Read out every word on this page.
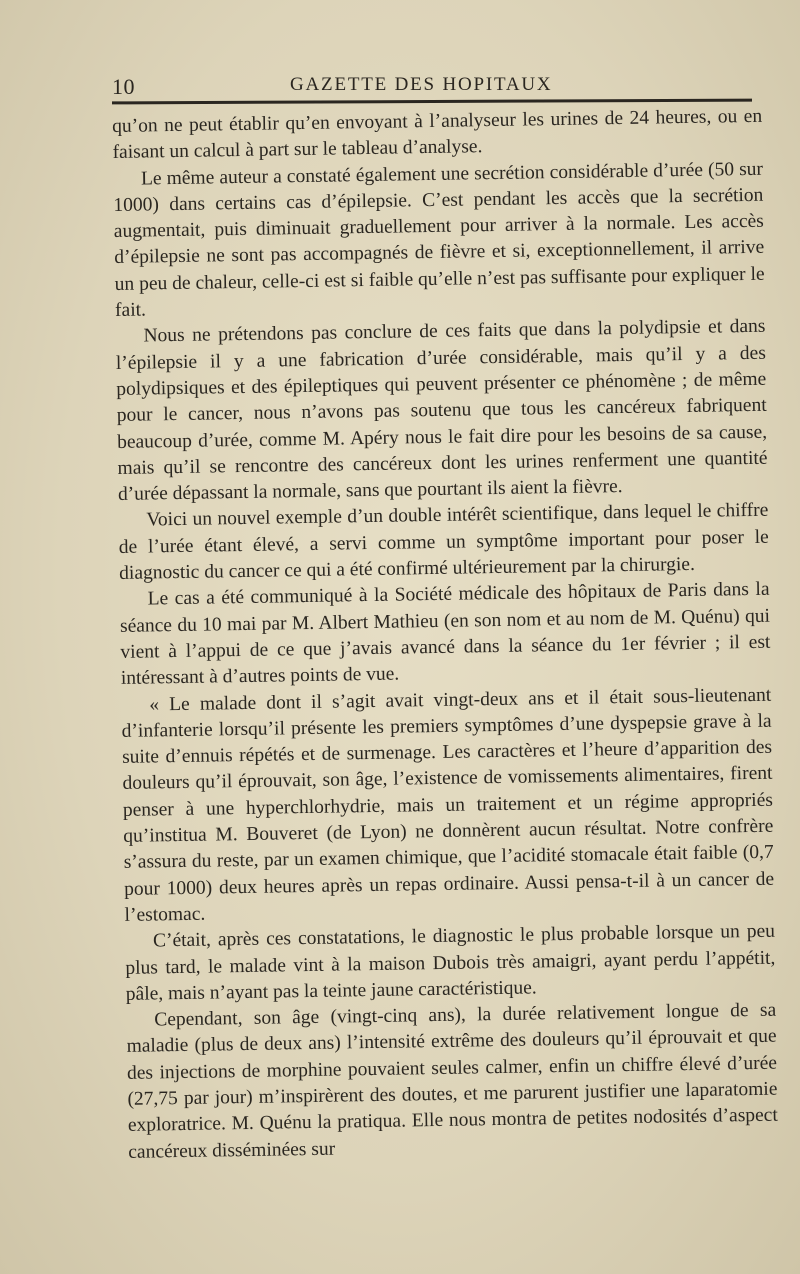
10	GAZETTE DES HOPITAUX

qu’on ne peut établir qu’en envoyant à l’analyseur les urines de 24 heures, ou en faisant un calcul à part sur le tableau d’analyse.

Le même auteur a constaté également une secrétion considérable d’urée (50 sur 1000) dans certains cas d’épilepsie. C’est pendant les accès que la secrétion augmentait, puis diminuait graduellement pour arriver à la normale. Les accès d’épilepsie ne sont pas accompagnés de fièvre et si, exceptionnellement, il arrive un peu de chaleur, celle-ci est si faible qu’elle n’est pas suffisante pour expliquer le fait.

Nous ne prétendons pas conclure de ces faits que dans la polydipsie et dans l’épilepsie il y a une fabrication d’urée considérable, mais qu’il y a des polydipsiques et des épileptiques qui peuvent présenter ce phénomène ; de même pour le cancer, nous n’avons pas soutenu que tous les cancéreux fabriquent beaucoup d’urée, comme M. Apéry nous le fait dire pour les besoins de sa cause, mais qu’il se rencontre des cancéreux dont les urines renferment une quantité d’urée dépassant la normale, sans que pourtant ils aient la fièvre.

Voici un nouvel exemple d’un double intérêt scientifique, dans lequel le chiffre de l’urée étant élevé, a servi comme un symptôme important pour poser le diagnostic du cancer ce qui a été confirmé ultérieurement par la chirurgie.

Le cas a été communiqué à la Société médicale des hôpitaux de Paris dans la séance du 10 mai par M. Albert Mathieu (en son nom et au nom de M. Quénu) qui vient à l’appui de ce que j’avais avancé dans la séance du 1er février ; il est intéressant à d’autres points de vue.

« Le malade dont il s’agit avait vingt-deux ans et il était sous-lieutenant d’infanterie lorsqu’il présente les premiers symptômes d’une dyspepsie grave à la suite d’ennuis répétés et de surmenage. Les caractères et l’heure d’apparition des douleurs qu’il éprouvait, son âge, l’existence de vomissements alimentaires, firent penser à une hyperchlorhydrie, mais un traitement et un régime appropriés qu’institua M. Bouveret (de Lyon) ne donnèrent aucun résultat. Notre confrère s’assura du reste, par un examen chimique, que l’acidité stomacale était faible (0,7 pour 1000) deux heures après un repas ordinaire. Aussi pensa-t-il à un cancer de l’estomac.

C’était, après ces constatations, le diagnostic le plus probable lorsque un peu plus tard, le malade vint à la maison Dubois très amaigri, ayant perdu l’appétit, pâle, mais n’ayant pas la teinte jaune caractéristique.

Cependant, son âge (vingt-cinq ans), la durée relativement longue de sa maladie (plus de deux ans) l’intensité extrême des douleurs qu’il éprouvait et que des injections de morphine pouvaient seules calmer, enfin un chiffre élevé d’urée (27,75 par jour) m’inspirèrent des doutes, et me parurent justifier une laparatomie exploratrice. M. Quénu la pratiqua. Elle nous montra de petites nodosités d’aspect cancéreux disséminées sur
